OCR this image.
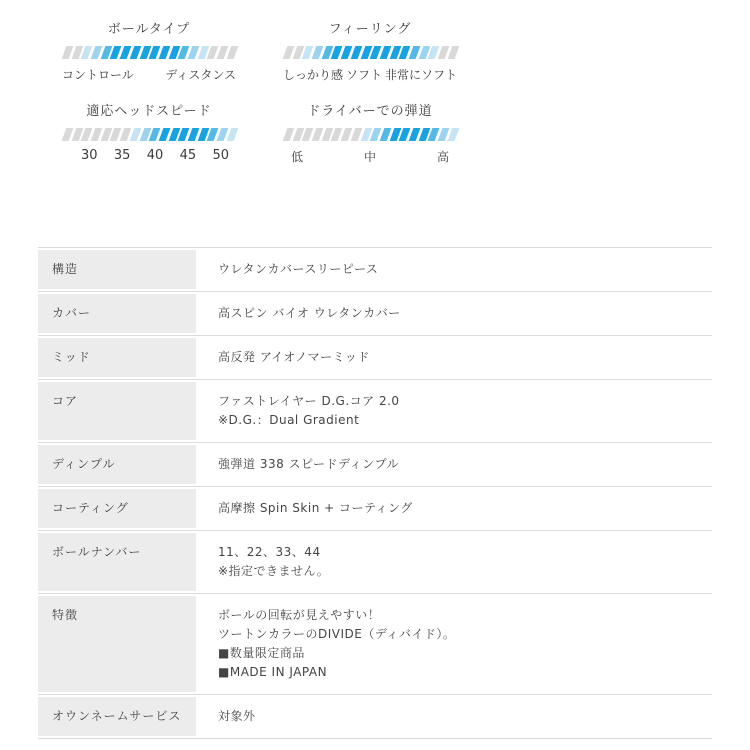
ボールタイプ
コントロール	ディスタンス
フィーリング
しっかり感 ソフト 非常にソフト
適応ヘッドスピード
30 35 40 45 50
ドライバーでの弾道
低	中	高
構造	ウレタンカバースリーピース
カバー	高スピン バイオ ウレタンカバー
ミッド	高反発 アイオノマーミッド
コア	ファストレイヤー D.G.コア 2.0
※D.G.：Dual Gradient
ディンプル	強弾道 338 スピードディンプル
コーティング	高摩擦 Spin Skin + コーティング
ボールナンバー	11、22、33、44
※指定できません。
特徴	ボールの回転が見えやすい！
ツートンカラーのDIVIDE（ディバイド）。
■数量限定商品
■MADE IN JAPAN
オウンネームサービス	対象外
